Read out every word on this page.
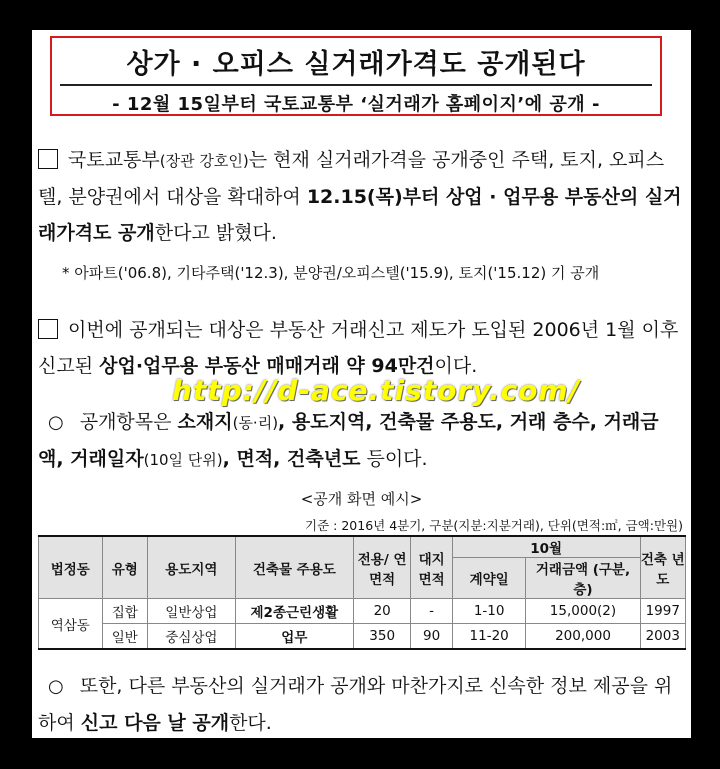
상가 · 오피스 실거래가격도 공개된다
- 12월 15일부터 국토교통부 ‘실거래가 홈페이지’에 공개 -
국토교통부(장관 강호인)는 현재 실거래가격을 공개중인 주택, 토지, 오피스텔, 분양권에서 대상을 확대하여 12.15(목)부터 상업 · 업무용 부동산의 실거래가격도 공개한다고 밝혔다.
* 아파트('06.8), 기타주택('12.3), 분양권/오피스텔('15.9), 토지('15.12) 기 공개
이번에 공개되는 대상은 부동산 거래신고 제도가 도입된 2006년 1월 이후 신고된 상업·업무용 부동산 매매거래 약 94만건이다.
○ 공개항목은 소재지(동·리), 용도지역, 건축물 주용도, 거래 층수, 거래금액, 거래일자(10일 단위), 면적, 건축년도 등이다.
http://d-ace.tistory.com/
<공개 화면 예시>
기준 : 2016년 4분기, 구분(지분:지분거래), 단위(면적:㎡, 금액:만원)
법정동	유형	용도지역	건축물 주용도	전용/ 연면적	대지 면적	10월		건축 년도
						계약일	거래금액 (구분,층)	
역삼동	집합	일반상업	제2종근린생활	20	-	1-10	15,000(2)	1997
	일반	중심상업	업무	350	90	11-20	200,000	2003
○ 또한, 다른 부동산의 실거래가 공개와 마찬가지로 신속한 정보 제공을 위하여 신고 다음 날 공개한다.
